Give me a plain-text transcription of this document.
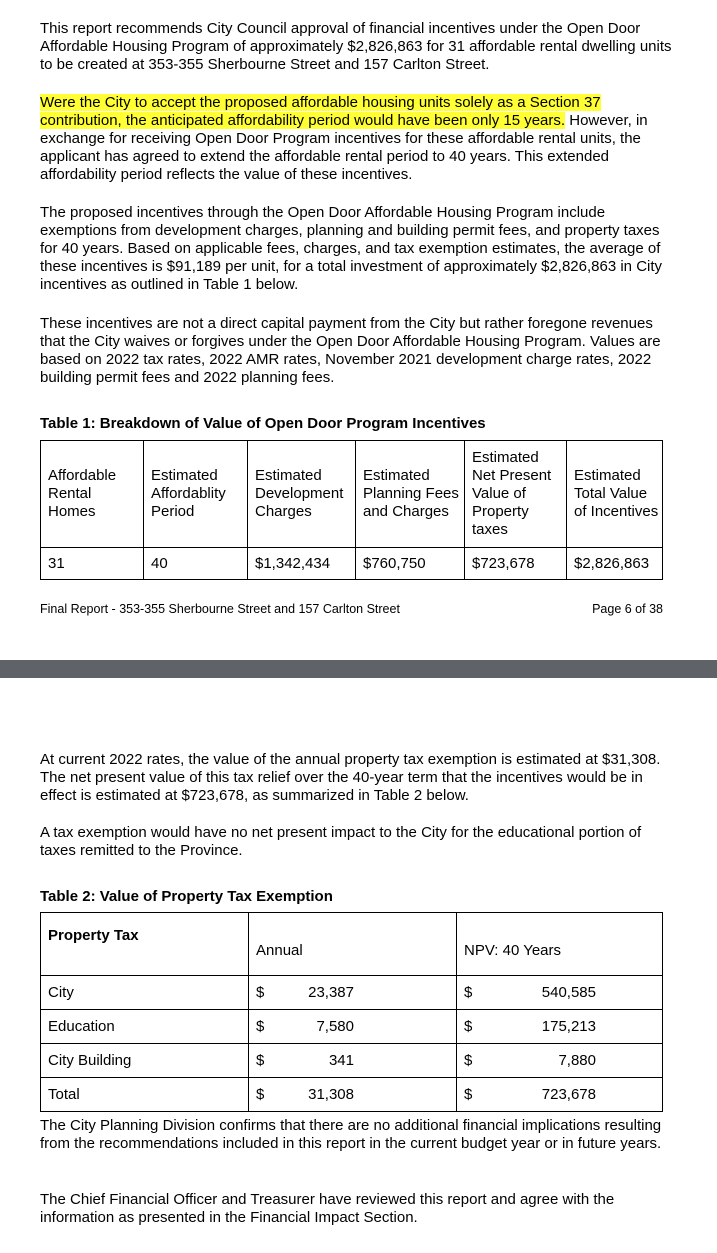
This report recommends City Council approval of financial incentives under the Open Door Affordable Housing Program of approximately $2,826,863 for 31 affordable rental dwelling units to be created at 353-355 Sherbourne Street and 157 Carlton Street.

Were the City to accept the proposed affordable housing units solely as a Section 37 contribution, the anticipated affordability period would have been only 15 years. However, in exchange for receiving Open Door Program incentives for these affordable rental units, the applicant has agreed to extend the affordable rental period to 40 years. This extended affordability period reflects the value of these incentives.

The proposed incentives through the Open Door Affordable Housing Program include exemptions from development charges, planning and building permit fees, and property taxes for 40 years. Based on applicable fees, charges, and tax exemption estimates, the average of these incentives is $91,189 per unit, for a total investment of approximately $2,826,863 in City incentives as outlined in Table 1 below.

These incentives are not a direct capital payment from the City but rather foregone revenues that the City waives or forgives under the Open Door Affordable Housing Program. Values are based on 2022 tax rates, 2022 AMR rates, November 2021 development charge rates, 2022 building permit fees and 2022 planning fees.

Table 1: Breakdown of Value of Open Door Program Incentives

Affordable Rental Homes	Estimated Affordablity Period	Estimated Development Charges	Estimated Planning Fees and Charges	Estimated Net Present Value of Property taxes	Estimated Total Value of Incentives
31	40	$1,342,434	$760,750	$723,678	$2,826,863

Final Report - 353-355 Sherbourne Street and 157 Carlton Street	Page 6 of 38

At current 2022 rates, the value of the annual property tax exemption is estimated at $31,308. The net present value of this tax relief over the 40-year term that the incentives would be in effect is estimated at $723,678, as summarized in Table 2 below.

A tax exemption would have no net present impact to the City for the educational portion of taxes remitted to the Province.

Table 2: Value of Property Tax Exemption

Property Tax	Annual	NPV: 40 Years
City	$ 23,387	$ 540,585
Education	$ 7,580	$ 175,213
City Building	$ 341	$ 7,880
Total	$ 31,308	$ 723,678

The City Planning Division confirms that there are no additional financial implications resulting from the recommendations included in this report in the current budget year or in future years.

The Chief Financial Officer and Treasurer have reviewed this report and agree with the information as presented in the Financial Impact Section.
